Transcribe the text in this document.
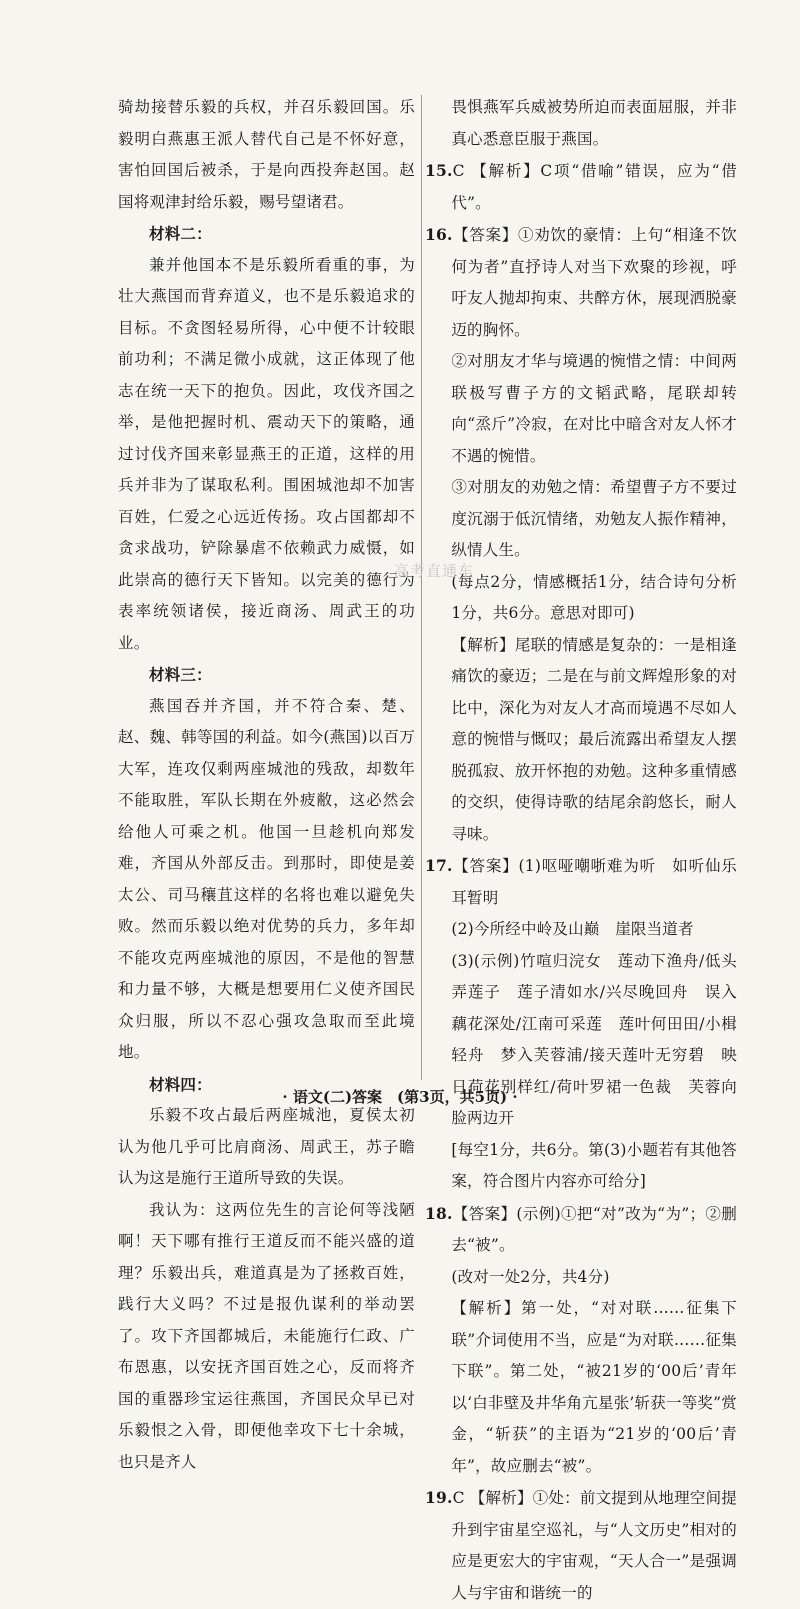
骑劫接替乐毅的兵权，并召乐毅回国。乐毅明白燕惠王派人替代自己是不怀好意，害怕回国后被杀，于是向西投奔赵国。赵国将观津封给乐毅，赐号望诸君。

材料二：

兼并他国本不是乐毅所看重的事，为壮大燕国而背弃道义，也不是乐毅追求的目标。不贪图轻易所得，心中便不计较眼前功利；不满足微小成就，这正体现了他志在统一天下的抱负。因此，攻伐齐国之举，是他把握时机、震动天下的策略，通过讨伐齐国来彰显燕王的正道，这样的用兵并非为了谋取私利。围困城池却不加害百姓，仁爱之心远近传扬。攻占国都却不贪求战功，铲除暴虐不依赖武力威慑，如此崇高的德行天下皆知。以完美的德行为表率统领诸侯，接近商汤、周武王的功业。

材料三：

燕国吞并齐国，并不符合秦、楚、赵、魏、韩等国的利益。如今(燕国)以百万大军，连攻仅剩两座城池的残敌，却数年不能取胜，军队长期在外疲敝，这必然会给他人可乘之机。他国一旦趁机向郑发难，齐国从外部反击。到那时，即使是姜太公、司马穰苴这样的名将也难以避免失败。然而乐毅以绝对优势的兵力，多年却不能攻克两座城池的原因，不是他的智慧和力量不够，大概是想要用仁义使齐国民众归服，所以不忍心强攻急取而至此境地。

材料四：

乐毅不攻占最后两座城池，夏侯太初认为他几乎可比肩商汤、周武王，苏子瞻认为这是施行王道所导致的失误。

我认为：这两位先生的言论何等浅陋啊！天下哪有推行王道反而不能兴盛的道理？乐毅出兵，难道真是为了拯救百姓，践行大义吗？不过是报仇谋利的举动罢了。攻下齐国都城后，未能施行仁政、广布恩惠，以安抚齐国百姓之心，反而将齐国的重器珍宝运往燕国，齐国民众早已对乐毅恨之入骨，即便他幸攻下七十余城，也只是齐人

畏惧燕军兵威被势所迫而表面屈服，并非真心悉意臣服于燕国。

15.C 【解析】C项“借喻”错误，应为“借代”。

16.【答案】①劝饮的豪情：上句“相逢不饮何为者”直抒诗人对当下欢聚的珍视，呼吁友人抛却拘束、共醉方休，展现洒脱豪迈的胸怀。

②对朋友才华与境遇的惋惜之情：中间两联极写曹子方的文韬武略，尾联却转向“烝斤”冷寂，在对比中暗含对友人怀才不遇的惋惜。

③对朋友的劝勉之情：希望曹子方不要过度沉溺于低沉情绪，劝勉友人振作精神，纵情人生。

(每点2分，情感概括1分，结合诗句分析1分，共6分。意思对即可)

【解析】尾联的情感是复杂的：一是相逢痛饮的豪迈；二是在与前文辉煌形象的对比中，深化为对友人才高而境遇不尽如人意的惋惜与慨叹；最后流露出希望友人摆脱孤寂、放开怀抱的劝勉。这种多重情感的交织，使得诗歌的结尾余韵悠长，耐人寻味。

17.【答案】(1)呕哑嘲哳难为听　如听仙乐耳暂明

(2)今所经中岭及山巅　崖限当道者

(3)(示例)竹喧归浣女　莲动下渔舟/低头弄莲子　莲子清如水/兴尽晚回舟　误入藕花深处/江南可采莲　莲叶何田田/小楫轻舟　梦入芙蓉浦/接天莲叶无穷碧　映日荷花别样红/荷叶罗裙一色裁　芙蓉向脸两边开

[每空1分，共6分。第(3)小题若有其他答案，符合图片内容亦可给分]

18.【答案】(示例)①把“对”改为“为”；②删去“被”。

(改对一处2分，共4分)

【解析】第一处，“对对联……征集下联”介词使用不当，应是“为对联……征集下联”。第二处，“被21岁的‘00后’青年以‘白非壁及井华角亢星张’斩获一等奖”赏金，“斩获”的主语为“21岁的‘00后’青年”，故应删去“被”。

19.C 【解析】①处：前文提到从地理空间提升到宇宙星空巡礼，与“人文历史”相对的应是更宏大的宇宙观，“天人合一”是强调人与宇宙和谐统一的

高考直通车
· 语文(二)答案　(第3页，共5页) ·
